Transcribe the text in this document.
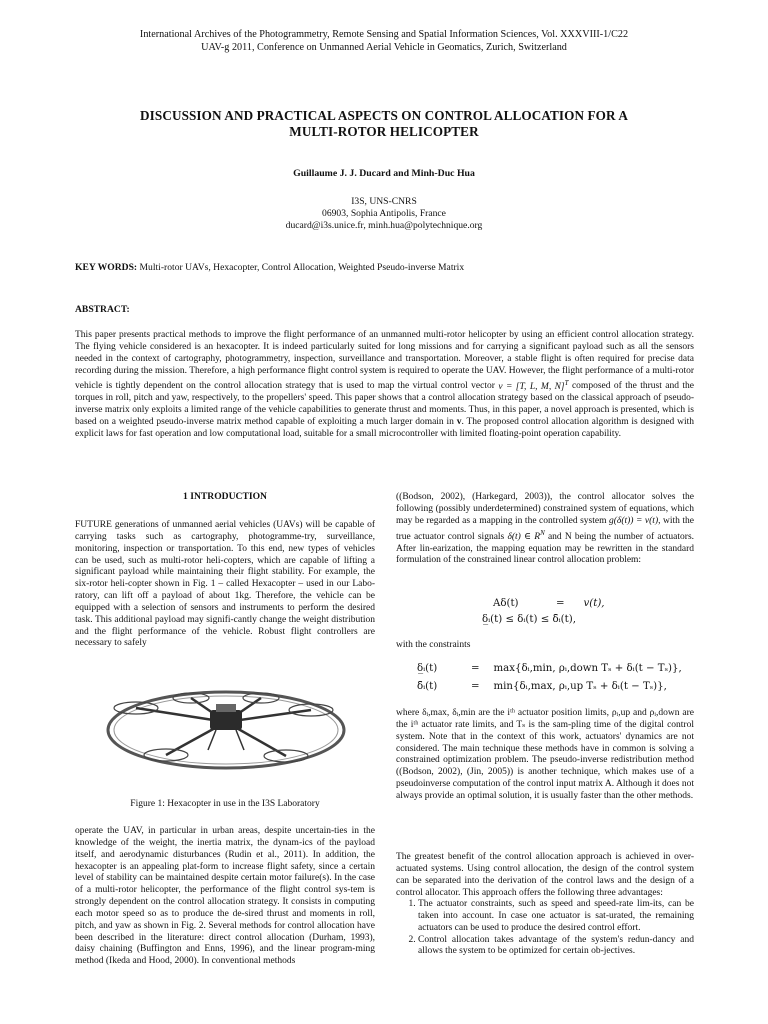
International Archives of the Photogrammetry, Remote Sensing and Spatial Information Sciences, Vol. XXXVIII-1/C22
UAV-g 2011, Conference on Unmanned Aerial Vehicle in Geomatics, Zurich, Switzerland
DISCUSSION AND PRACTICAL ASPECTS ON CONTROL ALLOCATION FOR A
MULTI-ROTOR HELICOPTER
Guillaume J. J. Ducard and Minh-Duc Hua
I3S, UNS-CNRS
06903, Sophia Antipolis, France
ducard@i3s.unice.fr, minh.hua@polytechnique.org
KEY WORDS: Multi-rotor UAVs, Hexacopter, Control Allocation, Weighted Pseudo-inverse Matrix
ABSTRACT:
This paper presents practical methods to improve the flight performance of an unmanned multi-rotor helicopter by using an efficient control allocation strategy. The flying vehicle considered is an hexacopter. It is indeed particularly suited for long missions and for carrying a significant payload such as all the sensors needed in the context of cartography, photogrammetry, inspection, surveillance and transportation. Moreover, a stable flight is often required for precise data recording during the mission. Therefore, a high performance flight control system is required to operate the UAV. However, the flight performance of a multi-rotor vehicle is tightly dependent on the control allocation strategy that is used to map the virtual control vector v = [T, L, M, N]$^T$ composed of the thrust and the torques in roll, pitch and yaw, respectively, to the propellers' speed. This paper shows that a control allocation strategy based on the classical approach of pseudo-inverse matrix only exploits a limited range of the vehicle capabilities to generate thrust and moments. Thus, in this paper, a novel approach is presented, which is based on a weighted pseudo-inverse matrix method capable of exploiting a much larger domain in v. The proposed control allocation algorithm is designed with explicit laws for fast operation and low computational load, suitable for a small microcontroller with limited floating-point operation capability.
1 INTRODUCTION

FUTURE generations of unmanned aerial vehicles (UAVs) will be capable of carrying tasks such as cartography, photogramme-try, surveillance, monitoring, inspection or transportation. To this end, new types of vehicles can be used, such as multi-rotor heli-copters, which are capable of lifting a significant payload while maintaining their flight stability. For example, the six-rotor heli-copter shown in Fig. 1 – called Hexacopter – used in our Labo-ratory, can lift off a payload of about 1kg. Therefore, the vehicle can be equipped with a selection of sensors and instruments to perform the desired task. This additional payload may signifi-cantly change the weight distribution and the flight performance of the vehicle. Robust flight controllers are necessary to safely

Figure 1: Hexacopter in use in the I3S Laboratory

operate the UAV, in particular in urban areas, despite uncertain-ties in the knowledge of the weight, the inertia matrix, the dynam-ics of the payload itself, and aerodynamic disturbances (Rudin et al., 2011). In addition, the hexacopter is an appealing plat-form to increase flight safety, since a certain level of stability can be maintained despite certain motor failure(s). In the case of a multi-rotor helicopter, the performance of the flight control sys-tem is strongly dependent on the control allocation strategy. It consists in computing each motor speed so as to produce the de-sired thrust and moments in roll, pitch, and yaw as shown in Fig. 2. Several methods for control allocation have been described in the literature: direct control allocation (Durham, 1993), daisy chaining (Buffington and Enns, 1996), and the linear program-ming method (Ikeda and Hood, 2000). In conventional methods

((Bodson, 2002), (Harkegard, 2003)), the control allocator solves the following (possibly underdetermined) constrained system of equations, which may be regarded as a mapping in the controlled system g(δ(t)) = v(t), with the true actuator control signals δ(t) ∈ $R^N$ and N being the number of actuators. After lin-earization, the mapping equation may be rewritten in the standard formulation of the constrained linear control allocation problem:
Aδ(t)	= v(t),
δ̲ᵢ(t) ≤ δᵢ(t) ≤ δ̄ᵢ(t),
with the constraints
δ̲ᵢ(t)	= max{δᵢ,min, ρᵢ,down Tₛ + δᵢ(t − Tₛ)},
δ̄ᵢ(t)	= min{δᵢ,max, ρᵢ,up Tₛ + δᵢ(t − Tₛ)},

where δᵢ,max, δᵢ,min are the iᵗʰ actuator position limits, ρᵢ,up and ρᵢ,down are the iᵗʰ actuator rate limits, and Tₛ is the sam-pling time of the digital control system. Note that in the context of this work, actuators' dynamics are not considered. The main technique these methods have in common is solving a constrained optimization problem. The pseudo-inverse redistribution method ((Bodson, 2002), (Jin, 2005)) is another technique, which makes use of a pseudoinverse computation of the control input matrix A. Although it does not always provide an optimal solution, it is usually faster than the other methods.

The greatest benefit of the control allocation approach is achieved in over-actuated systems. Using control allocation, the design of the control system can be separated into the derivation of the control laws and the design of a control allocator. This approach offers the following three advantages:

1. The actuator constraints, such as speed and speed-rate lim-its, can be taken into account. In case one actuator is sat-urated, the remaining actuators can be used to produce the desired control effort.
2. Control allocation takes advantage of the system's redun-dancy and allows the system to be optimized for certain ob-jectives.
